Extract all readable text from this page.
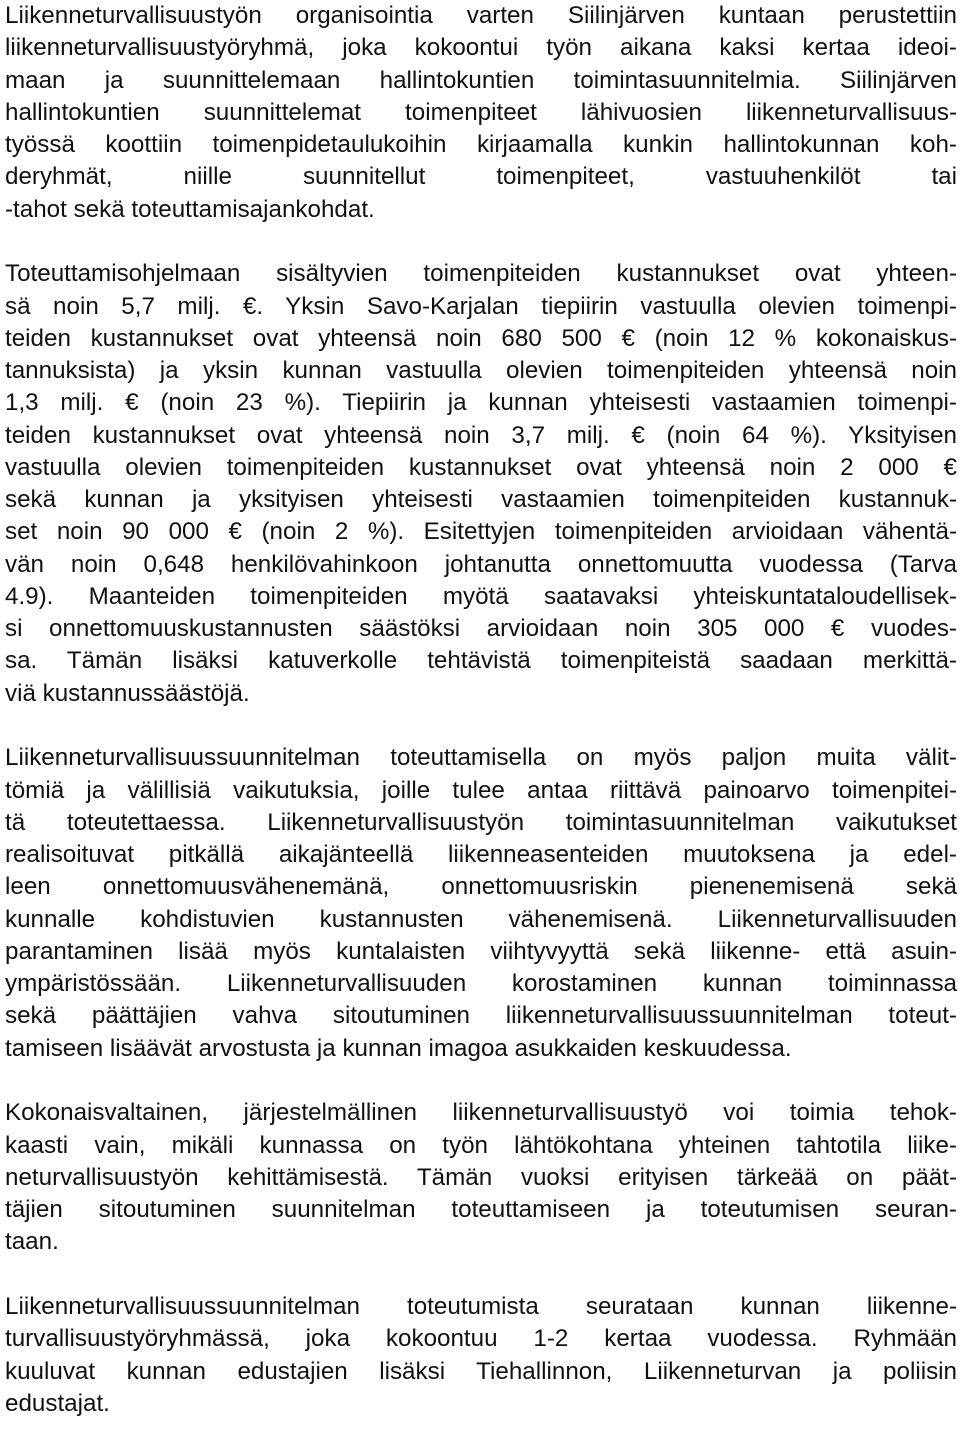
Liikenneturvallisuustyön organisointia varten Siilinjärven kuntaan perustettiin
liikenneturvallisuustyöryhmä, joka kokoontui työn aikana kaksi kertaa ideoi-
maan ja suunnittelemaan hallintokuntien toimintasuunnitelmia. Siilinjärven
hallintokuntien suunnittelemat toimenpiteet lähivuosien liikenneturvallisuus-
työssä koottiin toimenpidetaulukoihin kirjaamalla kunkin hallintokunnan koh-
deryhmät, niille suunnitellut toimenpiteet, vastuuhenkilöt tai
-tahot sekä toteuttamisajankohdat.
Toteuttamisohjelmaan sisältyvien toimenpiteiden kustannukset ovat yhteen-
sä noin 5,7 milj. €. Yksin Savo-Karjalan tiepiirin vastuulla olevien toimenpi-
teiden kustannukset ovat yhteensä noin 680 500 € (noin 12 % kokonaiskus-
tannuksista) ja yksin kunnan vastuulla olevien toimenpiteiden yhteensä noin
1,3 milj. € (noin 23 %). Tiepiirin ja kunnan yhteisesti vastaamien toimenpi-
teiden kustannukset ovat yhteensä noin 3,7 milj. € (noin 64 %). Yksityisen
vastuulla olevien toimenpiteiden kustannukset ovat yhteensä noin 2 000 €
sekä kunnan ja yksityisen yhteisesti vastaamien toimenpiteiden kustannuk-
set noin 90 000 € (noin 2 %). Esitettyjen toimenpiteiden arvioidaan vähentä-
vän noin 0,648 henkilövahinkoon johtanutta onnettomuutta vuodessa (Tarva
4.9). Maanteiden toimenpiteiden myötä saatavaksi yhteiskuntataloudellisek-
si onnettomuuskustannusten säästöksi arvioidaan noin 305 000 € vuodes-
sa. Tämän lisäksi katuverkolle tehtävistä toimenpiteistä saadaan merkittä-
viä kustannussäästöjä.
Liikenneturvallisuussuunnitelman toteuttamisella on myös paljon muita välit-
tömiä ja välillisiä vaikutuksia, joille tulee antaa riittävä painoarvo toimenpitei-
tä toteutettaessa. Liikenneturvallisuustyön toimintasuunnitelman vaikutukset
realisoituvat pitkällä aikajänteellä liikenneasenteiden muutoksena ja edel-
leen onnettomuusvähenemänä, onnettomuusriskin pienenemisenä sekä
kunnalle kohdistuvien kustannusten vähenemisenä. Liikenneturvallisuuden
parantaminen lisää myös kuntalaisten viihtyvyyttä sekä liikenne- että asuin-
ympäristössään. Liikenneturvallisuuden korostaminen kunnan toiminnassa
sekä päättäjien vahva sitoutuminen liikenneturvallisuussuunnitelman toteut-
tamiseen lisäävät arvostusta ja kunnan imagoa asukkaiden keskuudessa.
Kokonaisvaltainen, järjestelmällinen liikenneturvallisuustyö voi toimia tehok-
kaasti vain, mikäli kunnassa on työn lähtökohtana yhteinen tahtotila liike-
neturvallisuustyön kehittämisestä. Tämän vuoksi erityisen tärkeää on päät-
täjien sitoutuminen suunnitelman toteuttamiseen ja toteutumisen seuran-
taan.
Liikenneturvallisuussuunnitelman toteutumista seurataan kunnan liikenne-
turvallisuustyöryhmässä, joka kokoontuu 1-2 kertaa vuodessa. Ryhmään
kuuluvat kunnan edustajien lisäksi Tiehallinnon, Liikenneturvan ja poliisin
edustajat.
